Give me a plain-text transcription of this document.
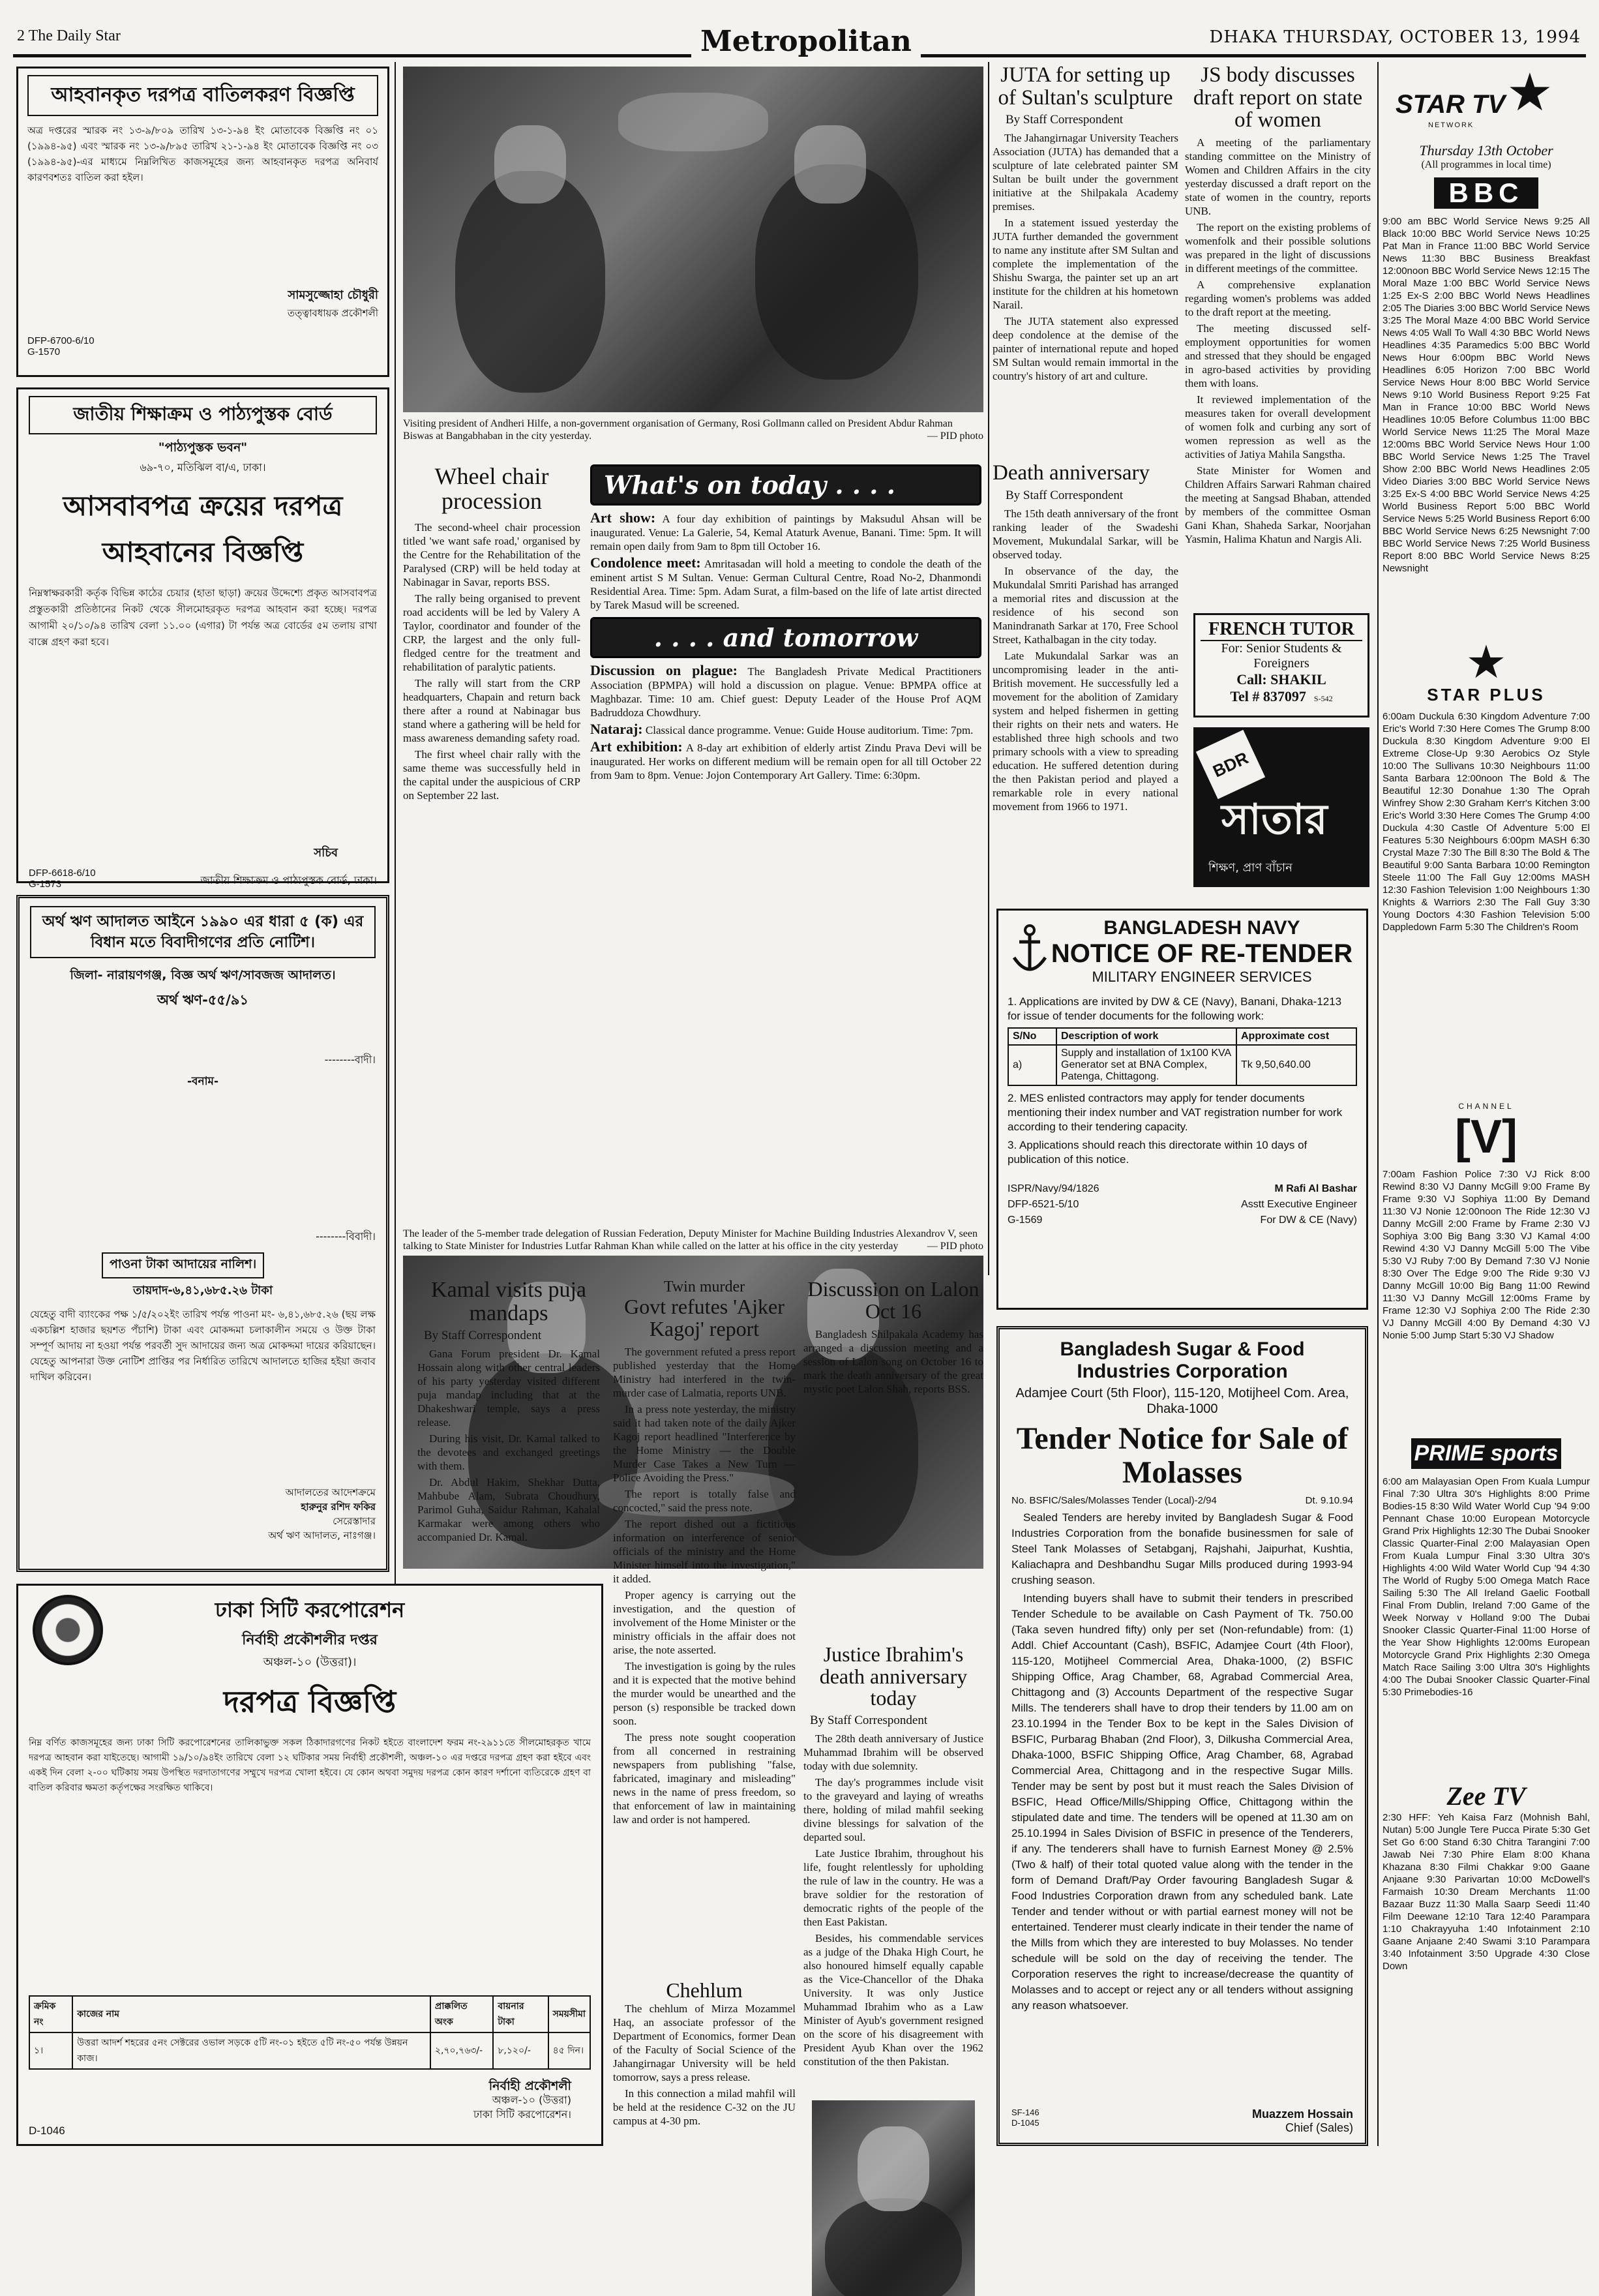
2 The Daily Star	Metropolitan	DHAKA THURSDAY, OCTOBER 13, 1994
আহবানকৃত দরপত্র বাতিলকরণ বিজ্ঞপ্তি
অত্র দপ্তরের স্মারক নং ১৩-৯/৮০৯ তারিখ ১৩-১-৯৪ ইং মোতাবেক বিজ্ঞপ্তি নং ০১ (১৯৯৪-৯৫) এবং স্মারক নং ১৩-৯/৮৯৫ তারিখ ২১-১-৯৪ ইং মোতাবেক বিজ্ঞপ্তি নং ০৩ (১৯৯৪-৯৫)-এর মাধ্যমে নিম্নলিখিত কাজসমূহের জন্য আহবানকৃত দরপত্র অনিবার্য কারণবশতঃ বাতিল করা হইল।
সামসুজ্জোহা চৌধুরী
তত্ত্বাবধায়ক প্রকৌশলী
DFP-6700-6/10
G-1570
জাতীয় শিক্ষাক্রম ও পাঠ্যপুস্তক বোর্ড
"পাঠ্যপুস্তক ভবন"
৬৯-৭০, মতিঝিল বা/এ, ঢাকা।
আসবাবপত্র ক্রয়ের দরপত্র
আহবানের বিজ্ঞপ্তি
নিম্নস্বাক্ষরকারী কর্তৃক বিভিন্ন কাঠের চেয়ার (হাতা ছাড়া) ক্রয়ের উদ্দেশ্যে প্রকৃত আসবাবপত্র প্রস্তুতকারী প্রতিষ্ঠানের নিকট থেকে সীলমোহরকৃত দরপত্র আহবান করা হচ্ছে। দরপত্র আগামী ২০/১০/৯৪ তারিখ বেলা ১১.০০ (এগার) টা পর্যন্ত অত্র বোর্ডের ৫ম তলায় রাখা বাক্সে গ্রহণ করা হবে।
সচিব
DFP-6618-6/10
G-1573	জাতীয় শিক্ষাক্রম ও পাঠ্যপুস্তক বোর্ড, ঢাকা।
অর্থ ঋণ আদালত আইনে ১৯৯০ এর ধারা ৫ (ক) এর বিধান মতে বিবাদীগণের প্রতি নোটিশ।
জিলা- নারায়ণগঞ্জ, বিজ্ঞ অর্থ ঋণ/সাবজজ আদালত।
অর্থ ঋণ-৫৫/৯১
--------বাদী।
-বনাম-
--------বিবাদী।
পাওনা টাকা আদায়ের নালিশ।
তায়দাদ-৬,৪১,৬৮৫.২৬ টাকা
যেহেতু বাদী ব্যাংকের পক্ষ ১/৫/২০২ইং তারিখ পর্যন্ত পাওনা মং- ৬,৪১,৬৮৫.২৬ (ছয় লক্ষ একচল্লিশ হাজার ছয়শত পঁচাশি) টাকা এবং মোকদ্দমা চলাকালীন সময়ে ও উক্ত টাকা সম্পূর্ণ আদায় না হওয়া পর্যন্ত পরবর্তী সুদ আদায়ের জন্য অত্র মোকদ্দমা দায়ের করিয়াছেন। যেহেতু আপনারা উক্ত নোটিশ প্রাপ্তির পর নির্ধারিত তারিখে আদালতে হাজির হইয়া জবাব দাখিল করিবেন।
আদালতের আদেশক্রমে
হারুনুর রশিদ ফকির
সেরেস্তাদার
অর্থ ঋণ আদালত, নাঃগঞ্জ।
ঢাকা সিটি করপোরেশন
নির্বাহী প্রকৌশলীর দপ্তর
অঞ্চল-১০ (উত্তরা)।
দরপত্র বিজ্ঞপ্তি
নিম্ন বর্ণিত কাজসমূহের জন্য ঢাকা সিটি করপোরেশনের তালিকাভুক্ত সকল ঠিকাদারগণের নিকট হইতে বাংলাদেশ ফরম নং-২৯১১তে সীলমোহরকৃত খামে দরপত্র আহবান করা যাইতেছে। আগামী ১৯/১০/৯৪ইং তারিখে বেলা ১২ ঘটিকার সময় নির্বাহী প্রকৌশলী, অঞ্চল-১০ এর দপ্তরে দরপত্র গ্রহণ করা হইবে এবং একই দিন বেলা ২-০০ ঘটিকায় সময় উপস্থিত দরদাতাগণের সম্মুখে দরপত্র খোলা হইবে। যে কোন অথবা সমুদয় দরপত্র কোন কারণ দর্শানো ব্যতিরেকে গ্রহণ বা বাতিল করিবার ক্ষমতা কর্তৃপক্ষের সংরক্ষিত থাকিবে।
ক্রমিক নং	কাজের নাম	প্রাক্কলিত অংক	বায়নার টাকা	সময়সীমা
১।	উত্তরা আদর্শ শহরের ৫নং সেক্টরের ওভাল সড়কে ৫টি নং-০১ হইতে ৫টি নং-৫০ পর্যন্ত উন্নয়ন কাজ।	২,৭০,৭৬৩/-	৮,১২০/-	৪৫ দিন।
নির্বাহী প্রকৌশলী
অঞ্চল-১০ (উত্তরা)
ঢাকা সিটি করপোরেশন।
D-1046
Visiting president of Andheri Hilfe, a non-government organisation of Germany, Rosi Gollmann called on President Abdur Rahman Biswas at Bangabhaban in the city yesterday.	— PID photo
Wheel chair procession

The second-wheel chair procession titled 'we want safe road,' organised by the Centre for the Rehabilitation of the Paralysed (CRP) will be held today at Nabinagar in Savar, reports BSS.

The rally being organised to prevent road accidents will be led by Valery A Taylor, coordinator and founder of the CRP, the largest and the only full-fledged centre for the treatment and rehabilitation of paralytic patients.

The rally will start from the CRP headquarters, Chapain and return back there after a round at Nabinagar bus stand where a gathering will be held for mass awareness demanding safety road.

The first wheel chair rally with the same theme was successfully held in the capital under the auspicious of CRP on September 22 last.

What's on today . . . .

Art show: A four day exhibition of paintings by Maksudul Ahsan will be inaugurated. Venue: La Galerie, 54, Kemal Ataturk Avenue, Banani. Time: 5pm. It will remain open daily from 9am to 8pm till October 16.

Condolence meet: Amritasadan will hold a meeting to condole the death of the eminent artist S M Sultan. Venue: German Cultural Centre, Road No-2, Dhanmondi Residential Area. Time: 5pm. Adam Surat, a film-based on the life of late artist directed by Tarek Masud will be screened.

. . . . and tomorrow

Discussion on plague: The Bangladesh Private Medical Practitioners Association (BPMPA) will hold a discussion on plague. Venue: BPMPA office at Maghbazar. Time: 10 am. Chief guest: Deputy Leader of the House Prof AQM Badruddoza Chowdhury.

Nataraj: Classical dance programme. Venue: Guide House auditorium. Time: 7pm.

Art exhibition: A 8-day art exhibition of elderly artist Zindu Prava Devi will be inaugurated. Her works on different medium will be remain open for all till October 22 from 9am to 8pm. Venue: Jojon Contemporary Art Gallery. Time: 6:30pm.

JUTA for setting up of Sultan's sculpture
By Staff Correspondent

The Jahangirnagar University Teachers Association (JUTA) has demanded that a sculpture of late celebrated painter SM Sultan be built under the government initiative at the Shilpakala Academy premises.

In a statement issued yesterday the JUTA further demanded the government to name any institute after SM Sultan and complete the implementation of the Shishu Swarga, the painter set up an art institute for the children at his hometown Narail.

The JUTA statement also expressed deep condolence at the demise of the painter of international repute and hoped SM Sultan would remain immortal in the country's history of art and culture.

JS body discusses draft report on state of women

A meeting of the parliamentary standing committee on the Ministry of Women and Children Affairs in the city yesterday discussed a draft report on the state of women in the country, reports UNB.

The report on the existing problems of womenfolk and their possible solutions was prepared in the light of discussions in different meetings of the committee.

A comprehensive explanation regarding women's problems was added to the draft report at the meeting.

The meeting discussed self-employment opportunities for women and stressed that they should be engaged in agro-based activities by providing them with loans.

It reviewed implementation of the measures taken for overall development of women folk and curbing any sort of women repression as well as the activities of Jatiya Mahila Sangstha.

State Minister for Women and Children Affairs Sarwari Rahman chaired the meeting at Sangsad Bhaban, attended by members of the committee Osman Gani Khan, Shaheda Sarkar, Noorjahan Yasmin, Halima Khatun and Nargis Ali.

Death anniversary
By Staff Correspondent

The 15th death anniversary of the front ranking leader of the Swadeshi Movement, Mukundalal Sarkar, will be observed today.

In observance of the day, the Mukundalal Smriti Parishad has arranged a memorial rites and discussion at the residence of his second son Manindranath Sarkar at 170, Free School Street, Kathalbagan in the city today.

Late Mukundalal Sarkar was an uncompromising leader in the anti-British movement. He successfully led a movement for the abolition of Zamidary system and helped fishermen in getting their rights on their nets and waters. He established three high schools and two primary schools with a view to spreading education. He suffered detention during the then Pakistan period and played a remarkable role in every national movement from 1966 to 1971.

FRENCH TUTOR
For: Senior Students &
Foreigners
Call: SHAKIL
Tel # 837097 S-542
BDR
সাতার
শিক্ষণ, প্রাণ বাঁচান
The leader of the 5-member trade delegation of Russian Federation, Deputy Minister for Machine Building Industries Alexandrov V, seen talking to State Minister for Industries Lutfar Rahman Khan while called on the latter at his office in the city yesterday	— PID photo
BANGLADESH NAVY
NOTICE OF RE-TENDER
MILITARY ENGINEER SERVICES
1. Applications are invited by DW & CE (Navy), Banani, Dhaka-1213 for issue of tender documents for the following work:
S/No	Description of work	Approximate cost
a)	Supply and installation of 1x100 KVA Generator set at BNA Complex, Patenga, Chittagong.	Tk 9,50,640.00
2. MES enlisted contractors may apply for tender documents mentioning their index number and VAT registration number for work according to their tendering capacity.
3. Applications should reach this directorate within 10 days of publication of this notice.
ISPR/Navy/94/1826
DFP-6521-5/10
G-1569
M Rafi Al Bashar
Asstt Executive Engineer
For DW & CE (Navy)
Kamal visits puja mandaps
By Staff Correspondent

Gana Forum president Dr. Kamal Hossain along with other central leaders of his party yesterday visited different puja mandap including that at the Dhakeshwari temple, says a press release.

During his visit, Dr. Kamal talked to the devotees and exchanged greetings with them.

Dr. Abdul Hakim, Shekhar Dutta, Mahbube Alam, Subrata Choudhury, Parimol Guha, Saidur Rahman, Kahalal Karmakar were among others who accompanied Dr. Kamal.

Twin murder
Govt refutes 'Ajker Kagoj' report

The government refuted a press report published yesterday that the Home Ministry had interfered in the twin-murder case of Lalmatia, reports UNB.

In a press note yesterday, the ministry said it had taken note of the daily Ajker Kagoj report headlined "Interference by the Home Ministry — the Double Murder Case Takes a New Turn — Police Avoiding the Press."

The report is totally false and concocted," said the press note.

The report dished out a fictitious information on interference of senior officials of the ministry and the Home Minister himself into the investigation," it added.

Proper agency is carrying out the investigation, and the question of involvement of the Home Minister or the ministry officials in the affair does not arise, the note asserted.

The investigation is going by the rules and it is expected that the motive behind the murder would be unearthed and the person (s) responsible be tracked down soon.

The press note sought cooperation from all concerned in restraining newspapers from publishing "false, fabricated, imaginary and misleading" news in the name of press freedom, so that enforcement of law in maintaining law and order is not hampered.

Chehlum

The chehlum of Mirza Mozammel Haq, an associate professor of the Department of Economics, former Dean of the Faculty of Social Science of the Jahangirnagar University will be held tomorrow, says a press release.

In this connection a milad mahfil will be held at the residence C-32 on the JU campus at 4-30 pm.

Discussion on Lalon Oct 16

Bangladesh Shilpakala Academy has arranged a discussion meeting and a session of Lalon song on October 16 to mark the death anniversary of the great mystic poet Lalon Shah, reports BSS.

Justice Ibrahim's death anniversary today
By Staff Correspondent

The 28th death anniversary of Justice Muhammad Ibrahim will be observed today with due solemnity.

The day's programmes include visit to the graveyard and laying of wreaths there, holding of milad mahfil seeking divine blessings for salvation of the departed soul.

Late Justice Ibrahim, throughout his life, fought relentlessly for upholding the rule of law in the country. He was a brave soldier for the restoration of democratic rights of the people of the then East Pakistan.

Besides, his commendable services as a judge of the Dhaka High Court, he also honoured himself equally capable as the Vice-Chancellor of the Dhaka University. It was only Justice Muhammad Ibrahim who as a Law Minister of Ayub's government resigned on the score of his disagreement with President Ayub Khan over the 1962 constitution of the then Pakistan.

Bangladesh Sugar & Food Industries Corporation
Adamjee Court (5th Floor), 115-120, Motijheel Com. Area, Dhaka-1000
Tender Notice for Sale of Molasses
No. BSFIC/Sales/Molasses Tender (Local)-2/94	Dt. 9.10.94

Sealed Tenders are hereby invited by Bangladesh Sugar & Food Industries Corporation from the bonafide businessmen for sale of Steel Tank Molasses of Setabganj, Rajshahi, Jaipurhat, Kushtia, Kaliachapra and Deshbandhu Sugar Mills produced during 1993-94 crushing season.

Intending buyers shall have to submit their tenders in prescribed Tender Schedule to be available on Cash Payment of Tk. 750.00 (Taka seven hundred fifty) only per set (Non-refundable) from: (1) Addl. Chief Accountant (Cash), BSFIC, Adamjee Court (4th Floor), 115-120, Motijheel Commercial Area, Dhaka-1000, (2) BSFIC Shipping Office, Arag Chamber, 68, Agrabad Commercial Area, Chittagong and (3) Accounts Department of the respective Sugar Mills. The tenderers shall have to drop their tenders by 11.00 am on 23.10.1994 in the Tender Box to be kept in the Sales Division of BSFIC, Purbarag Bhaban (2nd Floor), 3, Dilkusha Commercial Area, Dhaka-1000, BSFIC Shipping Office, Arag Chamber, 68, Agrabad Commercial Area, Chittagong and in the respective Sugar Mills. Tender may be sent by post but it must reach the Sales Division of BSFIC, Head Office/Mills/Shipping Office, Chittagong within the stipulated date and time. The tenders will be opened at 11.30 am on 25.10.1994 in Sales Division of BSFIC in presence of the Tenderers, if any. The tenderers shall have to furnish Earnest Money @ 2.5% (Two & half) of their total quoted value along with the tender in the form of Demand Draft/Pay Order favouring Bangladesh Sugar & Food Industries Corporation drawn from any scheduled bank. Late Tender and tender without or with partial earnest money will not be entertained. Tenderer must clearly indicate in their tender the name of the Mills from which they are interested to buy Molasses. No tender schedule will be sold on the day of receiving the tender. The Corporation reserves the right to increase/decrease the quantity of Molasses and to accept or reject any or all tenders without assigning any reason whatsoever.

SF-146
D-1045
Muazzem Hossain
Chief (Sales)
STAR TV ★
NETWORK
Thursday 13th October
(All programmes in local time)
BBC
9:00 am BBC World Service News 9:25 All Black 10:00 BBC World Service News 10:25 Pat Man in France 11:00 BBC World Service News 11:30 BBC Business Breakfast 12:00noon BBC World Service News 12:15 The Moral Maze 1:00 BBC World Service News 1:25 Ex-S 2:00 BBC World News Headlines 2:05 The Diaries 3:00 BBC World Service News 3:25 The Moral Maze 4:00 BBC World Service News 4:05 Wall To Wall 4:30 BBC World News Headlines 4:35 Paramedics 5:00 BBC World News Hour 6:00pm BBC World News Headlines 6:05 Horizon 7:00 BBC World Service News Hour 8:00 BBC World Service News 9:10 World Business Report 9:25 Fat Man in France 10:00 BBC World News Headlines 10:05 Before Columbus 11:00 BBC World Service News 11:25 The Moral Maze 12:00ms BBC World Service News Hour 1:00 BBC World Service News 1:25 The Travel Show 2:00 BBC World News Headlines 2:05 Video Diaries 3:00 BBC World Service News 3:25 Ex-S 4:00 BBC World Service News 4:25 World Business Report 5:00 BBC World Service News 5:25 World Business Report 6:00 BBC World Service News 6:25 Newsnight 7:00 BBC World Service News 7:25 World Business Report 8:00 BBC World Service News 8:25 Newsnight
★
STAR PLUS
6:00am Duckula 6:30 Kingdom Adventure 7:00 Eric's World 7:30 Here Comes The Grump 8:00 Duckula 8:30 Kingdom Adventure 9:00 El Extreme Close-Up 9:30 Aerobics Oz Style 10:00 The Sullivans 10:30 Neighbours 11:00 Santa Barbara 12:00noon The Bold & The Beautiful 12:30 Donahue 1:30 The Oprah Winfrey Show 2:30 Graham Kerr's Kitchen 3:00 Eric's World 3:30 Here Comes The Grump 4:00 Duckula 4:30 Castle Of Adventure 5:00 El Features 5:30 Neighbours 6:00pm MASH 6:30 Crystal Maze 7:30 The Bill 8:30 The Bold & The Beautiful 9:00 Santa Barbara 10:00 Remington Steele 11:00 The Fall Guy 12:00ms MASH 12:30 Fashion Television 1:00 Neighbours 1:30 Knights & Warriors 2:30 The Fall Guy 3:30 Young Doctors 4:30 Fashion Television 5:00 Dappledown Farm 5:30 The Children's Room
CHANNEL
[V]
7:00am Fashion Police 7:30 VJ Rick 8:00 Rewind 8:30 VJ Danny McGill 9:00 Frame By Frame 9:30 VJ Sophiya 11:00 By Demand 11:30 VJ Nonie 12:00noon The Ride 12:30 VJ Danny McGill 2:00 Frame by Frame 2:30 VJ Sophiya 3:00 Big Bang 3:30 VJ Kamal 4:00 Rewind 4:30 VJ Danny McGill 5:00 The Vibe 5:30 VJ Ruby 7:00 By Demand 7:30 VJ Nonie 8:30 Over The Edge 9:00 The Ride 9:30 VJ Danny McGill 10:00 Big Bang 11:00 Rewind 11:30 VJ Danny McGill 12:00ms Frame by Frame 12:30 VJ Sophiya 2:00 The Ride 2:30 VJ Danny McGill 4:00 By Demand 4:30 VJ Nonie 5:00 Jump Start 5:30 VJ Shadow
PRIME sports
6:00 am Malayasian Open From Kuala Lumpur Final 7:30 Ultra 30's Highlights 8:00 Prime Bodies-15 8:30 Wild Water World Cup '94 9:00 Pennant Chase 10:00 European Motorcycle Grand Prix Highlights 12:30 The Dubai Snooker Classic Quarter-Final 2:00 Malayasian Open From Kuala Lumpur Final 3:30 Ultra 30's Highlights 4:00 Wild Water World Cup '94 4:30 The World of Rugby 5:00 Omega Match Race Sailing 5:30 The All Ireland Gaelic Football Final From Dublin, Ireland 7:00 Game of the Week Norway v Holland 9:00 The Dubai Snooker Classic Quarter-Final 11:00 Horse of the Year Show Highlights 12:00ms European Motorcycle Grand Prix Highlights 2:30 Omega Match Race Sailing 3:00 Ultra 30's Highlights 4:00 The Dubai Snooker Classic Quarter-Final 5:30 Primebodies-16
Zee TV
2:30 HFF: Yeh Kaisa Farz (Mohnish Bahl, Nutan) 5:00 Jungle Tere Pucca Pirate 5:30 Get Set Go 6:00 Stand 6:30 Chitra Tarangini 7:00 Jawab Nei 7:30 Phire Elam 8:00 Khana Khazana 8:30 Filmi Chakkar 9:00 Gaane Anjaane 9:30 Parivartan 10:00 McDowell's Farmaish 10:30 Dream Merchants 11:00 Bazaar Buzz 11:30 Malla Saarp Seedi 11:40 Film Deewane 12:10 Tara 12:40 Parampara 1:10 Chakrayyuha 1:40 Infotainment 2:10 Gaane Anjaane 2:40 Swami 3:10 Parampara 3:40 Infotainment 3:50 Upgrade 4:30 Close Down
